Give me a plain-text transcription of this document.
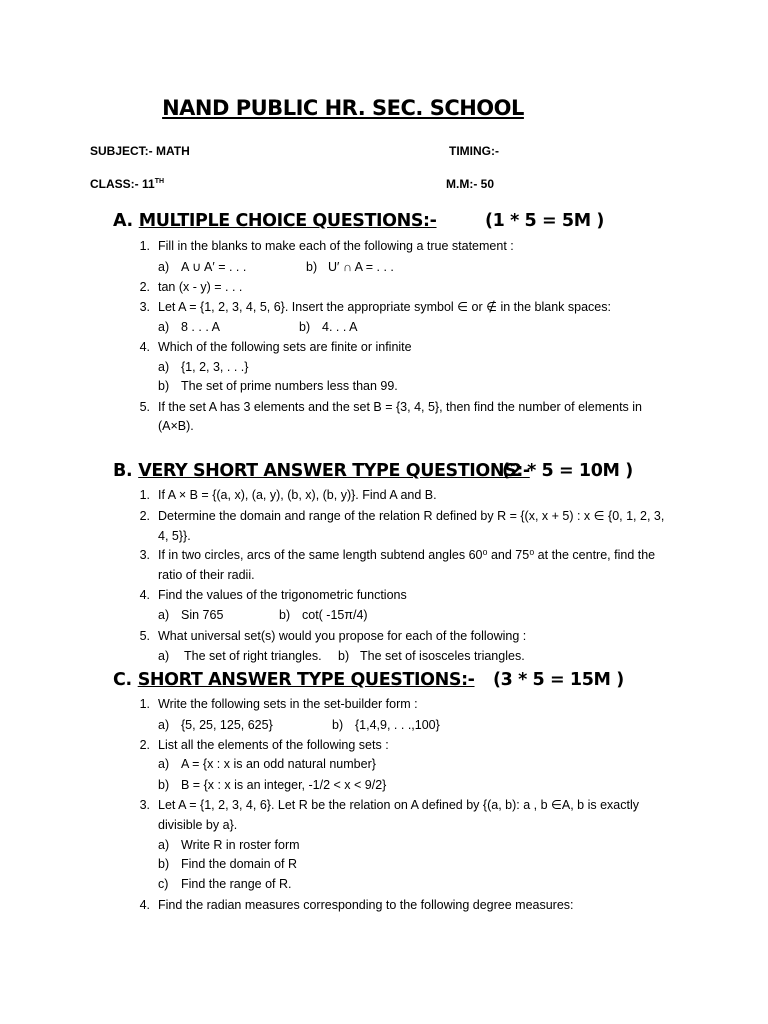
NAND PUBLIC HR. SEC. SCHOOL
SUBJECT:- MATH	TIMING:-
CLASS:- 11TH	M.M:- 50
A. MULTIPLE CHOICE QUESTIONS:-	(1 * 5 = 5M )
1. Fill in the blanks to make each of the following a true statement :
a) A ∪ A′ = . . .	b) U′ ∩ A = . . .
2. tan (x - y) = . . .
3. Let A = {1, 2, 3, 4, 5, 6}. Insert the appropriate symbol ∈ or ∉ in the blank spaces:
a) 8 . . . A	b) 4. . . A
4. Which of the following sets are finite or infinite
a) {1, 2, 3, . . .}
b) The set of prime numbers less than 99.
5. If the set A has 3 elements and the set B = {3, 4, 5}, then find the number of elements in
(A×B).
B. VERY SHORT ANSWER TYPE QUESTIONS:-
(2 * 5 = 10M )
1. If A × B = {(a, x), (a, y), (b, x), (b, y)}. Find A and B.
2. Determine the domain and range of the relation R defined by R = {(x, x + 5) : x ∈ {0, 1, 2, 3,
4, 5}}.
3. If in two circles, arcs of the same length subtend angles 60⁰ and 75⁰ at the centre, find the
ratio of their radii.
4. Find the values of the trigonometric functions
a) Sin 765	b) cot( -15π/4)
5. What universal set(s) would you propose for each of the following :
a) The set of right triangles. b) The set of isosceles triangles.
C. SHORT ANSWER TYPE QUESTIONS:- (3 * 5 = 15M )
1. Write the following sets in the set-builder form :
a) {5, 25, 125, 625}	b) {1,4,9, . . .,100}
2. List all the elements of the following sets :
a) A = {x : x is an odd natural number}
b) B = {x : x is an integer, -1/2 < x < 9/2}
3. Let A = {1, 2, 3, 4, 6}. Let R be the relation on A defined by {(a, b): a , b ∈A, b is exactly
divisible by a}.
a) Write R in roster form
b) Find the domain of R
c) Find the range of R.
4. Find the radian measures corresponding to the following degree measures:
